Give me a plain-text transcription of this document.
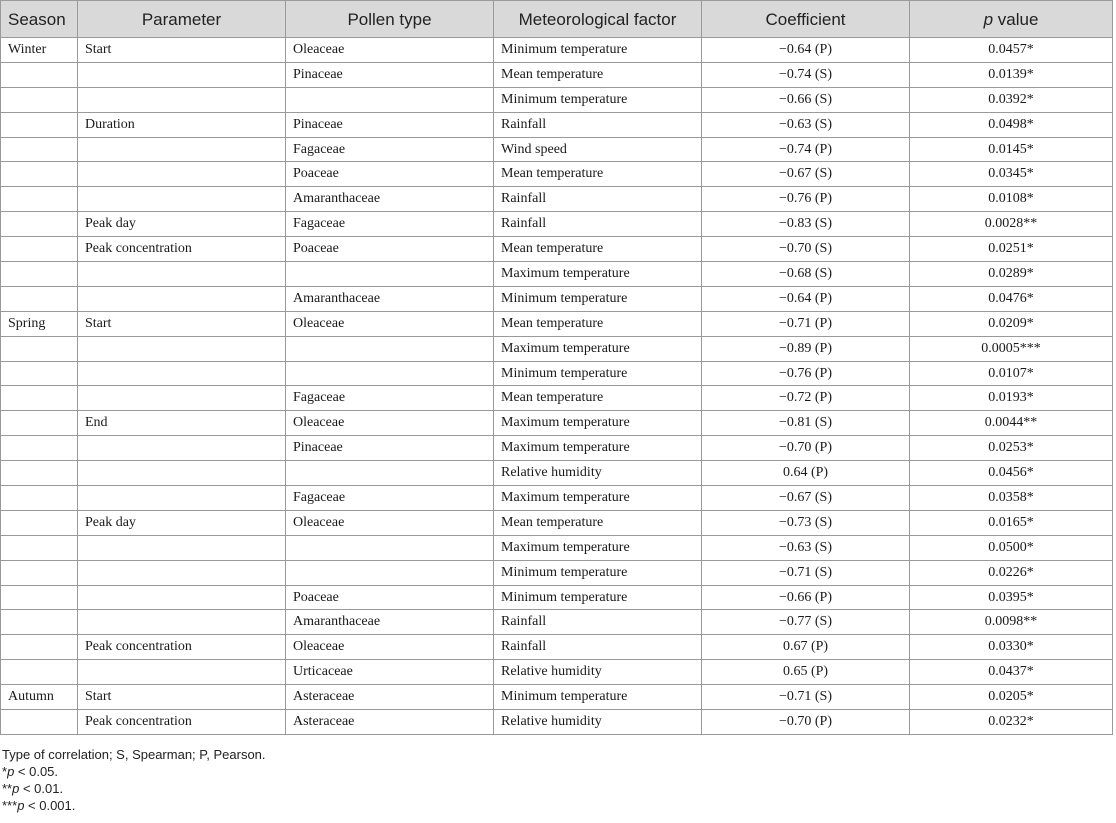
Season	Parameter	Pollen type	Meteorological factor	Coefficient	p value
Winter	Start	Oleaceae	Minimum temperature	−0.64 (P)	0.0457*
		Pinaceae	Mean temperature	−0.74 (S)	0.0139*
			Minimum temperature	−0.66 (S)	0.0392*
	Duration	Pinaceae	Rainfall	−0.63 (S)	0.0498*
		Fagaceae	Wind speed	−0.74 (P)	0.0145*
		Poaceae	Mean temperature	−0.67 (S)	0.0345*
		Amaranthaceae	Rainfall	−0.76 (P)	0.0108*
	Peak day	Fagaceae	Rainfall	−0.83 (S)	0.0028**
	Peak concentration	Poaceae	Mean temperature	−0.70 (S)	0.0251*
			Maximum temperature	−0.68 (S)	0.0289*
		Amaranthaceae	Minimum temperature	−0.64 (P)	0.0476*
Spring	Start	Oleaceae	Mean temperature	−0.71 (P)	0.0209*
			Maximum temperature	−0.89 (P)	0.0005***
			Minimum temperature	−0.76 (P)	0.0107*
		Fagaceae	Mean temperature	−0.72 (P)	0.0193*
	End	Oleaceae	Maximum temperature	−0.81 (S)	0.0044**
		Pinaceae	Maximum temperature	−0.70 (P)	0.0253*
			Relative humidity	0.64 (P)	0.0456*
		Fagaceae	Maximum temperature	−0.67 (S)	0.0358*
	Peak day	Oleaceae	Mean temperature	−0.73 (S)	0.0165*
			Maximum temperature	−0.63 (S)	0.0500*
			Minimum temperature	−0.71 (S)	0.0226*
		Poaceae	Minimum temperature	−0.66 (P)	0.0395*
		Amaranthaceae	Rainfall	−0.77 (S)	0.0098**
	Peak concentration	Oleaceae	Rainfall	0.67 (P)	0.0330*
		Urticaceae	Relative humidity	0.65 (P)	0.0437*
Autumn	Start	Asteraceae	Minimum temperature	−0.71 (S)	0.0205*
	Peak concentration	Asteraceae	Relative humidity	−0.70 (P)	0.0232*
Type of correlation; S, Spearman; P, Pearson.
*p < 0.05.
**p < 0.01.
***p < 0.001.
